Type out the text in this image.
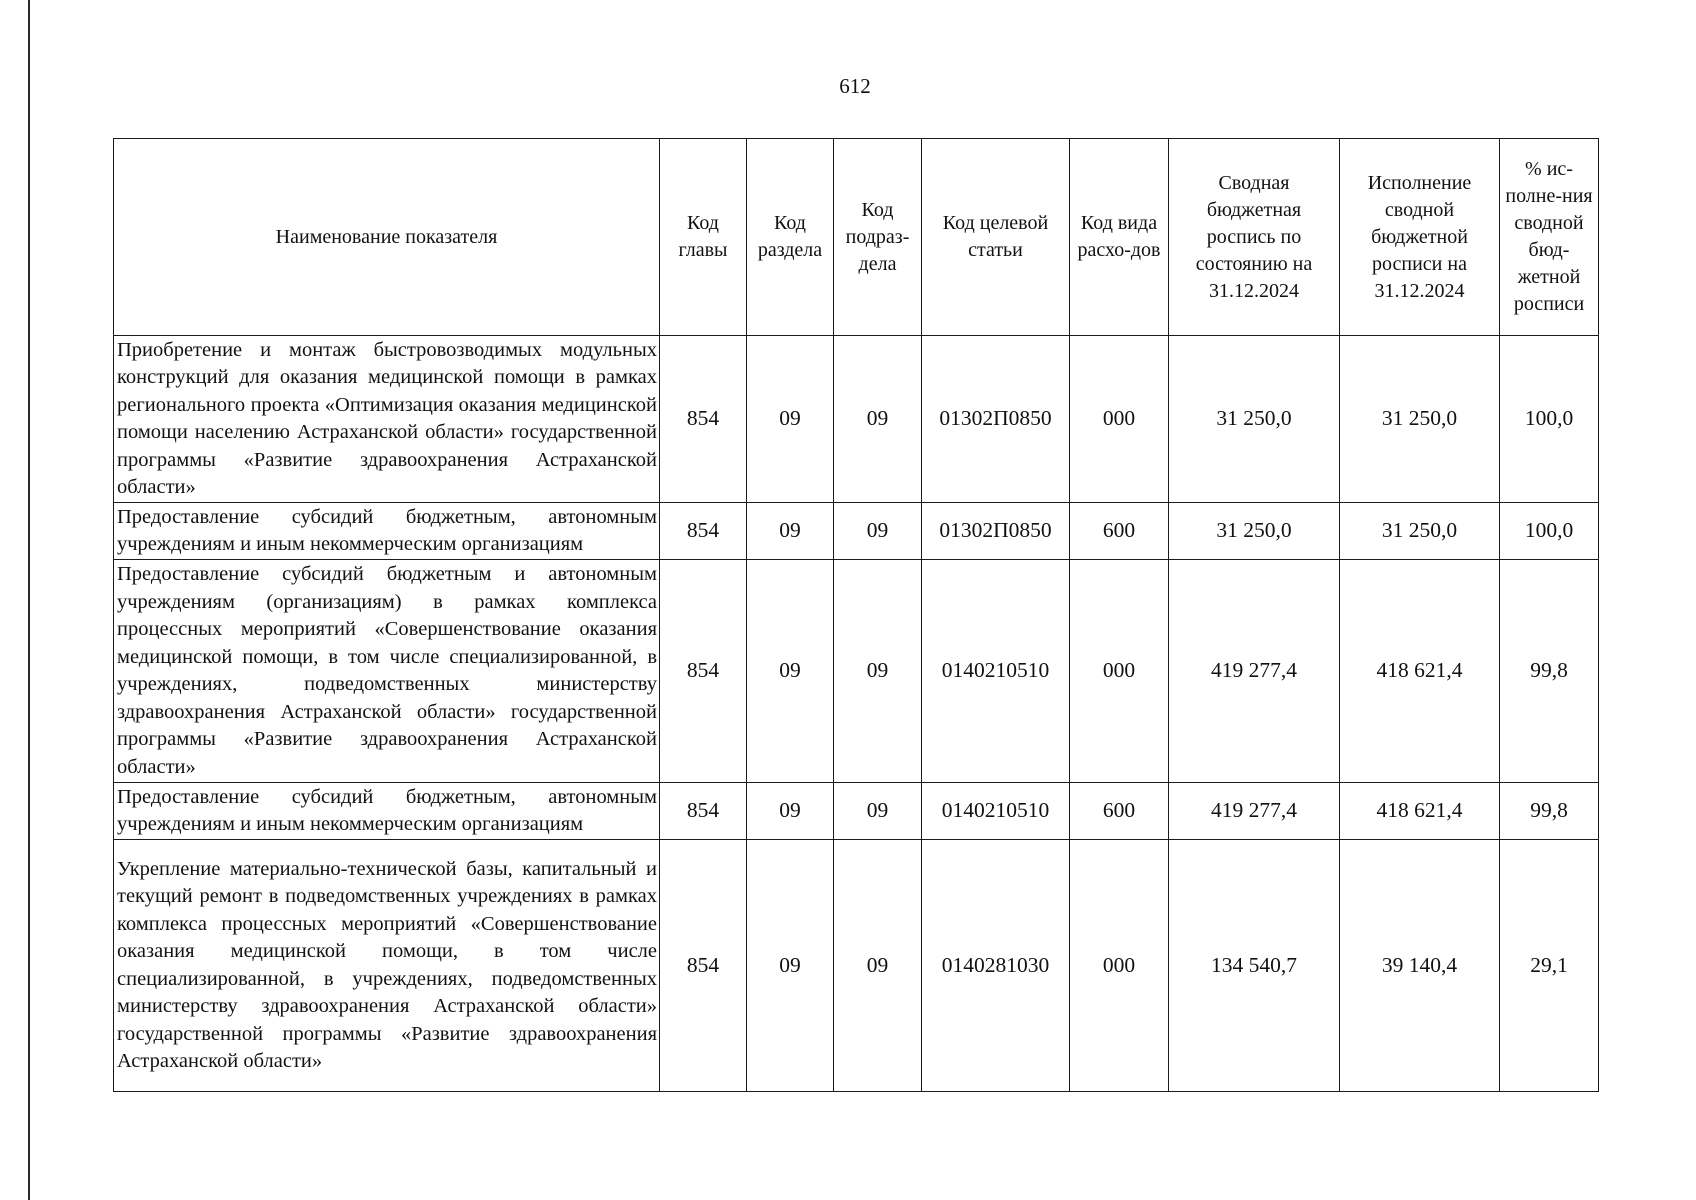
612
Наименование показателя	Код главы	Код раздела	Код подраз-дела	Код целевой статьи	Код вида расхо-дов	Сводная бюджетная роспись по состоянию на 31.12.2024	Исполнение сводной бюджетной росписи на 31.12.2024	% ис-полне-ния сводной бюд-жетной росписи

Приобретение и монтаж быстровозводимых модульных конструкций для оказания медицинской помощи в рамках регионального проекта «Оптимизация оказания медицинской помощи населению Астраханской области» государственной программы «Развитие здравоохранения Астраханской области»	854	09	09	01302П0850	000	31 250,0	31 250,0	100,0

Предоставление субсидий бюджетным, автономным учреждениям и иным некоммерческим организациям	854	09	09	01302П0850	600	31 250,0	31 250,0	100,0

Предоставление субсидий бюджетным и автономным учреждениям (организациям) в рамках комплекса процессных мероприятий «Совершенствование оказания медицинской помощи, в том числе специализированной, в учреждениях, подведомственных министерству здравоохранения Астраханской области» государственной программы «Развитие здравоохранения Астраханской области»	854	09	09	0140210510	000	419 277,4	418 621,4	99,8

Предоставление субсидий бюджетным, автономным учреждениям и иным некоммерческим организациям	854	09	09	0140210510	600	419 277,4	418 621,4	99,8

Укрепление материально-технической базы, капитальный и текущий ремонт в подведомственных учреждениях в рамках комплекса процессных мероприятий «Совершенствование оказания медицинской помощи, в том числе специализированной, в учреждениях, подведомственных министерству здравоохранения Астраханской области» государственной программы «Развитие здравоохранения Астраханской области»	854	09	09	0140281030	000	134 540,7	39 140,4	29,1
